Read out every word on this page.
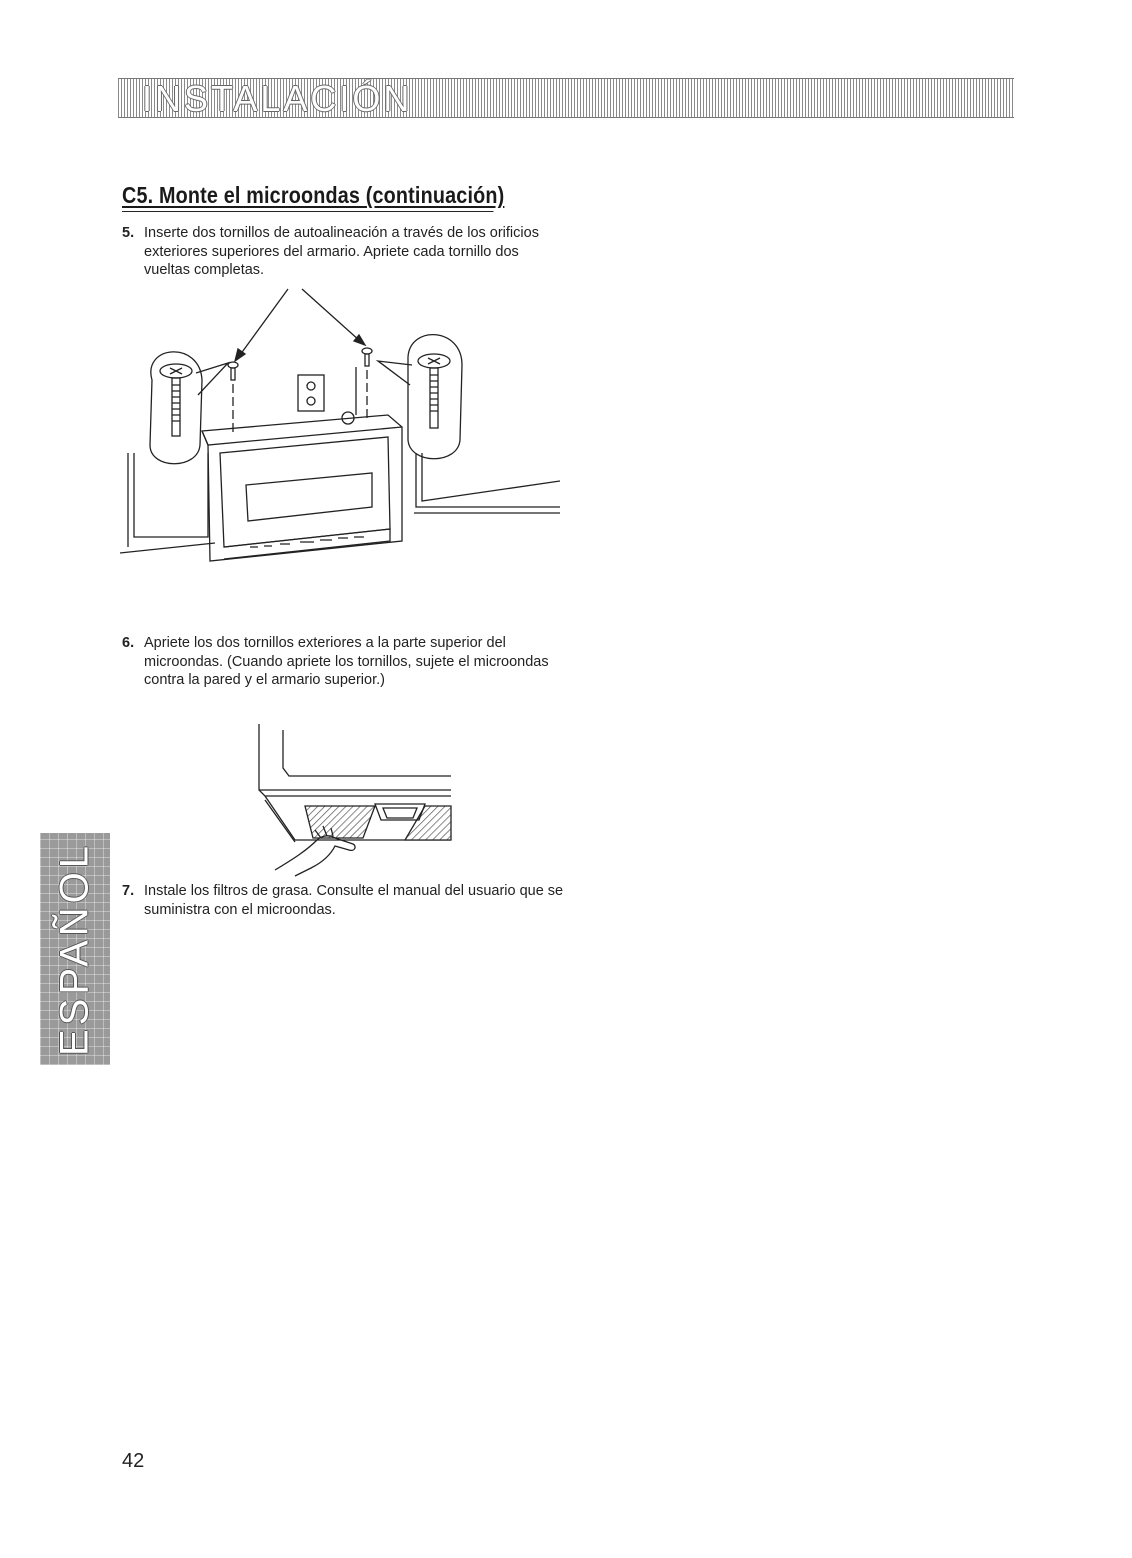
INSTALACIÓN
C5. Monte el microondas (continuación)
5. Inserte dos tornillos de autoalineación a través de los orificios exteriores superiores del armario. Apriete cada tornillo dos vueltas completas.
6. Apriete los dos tornillos exteriores a la parte superior del microondas. (Cuando apriete los tornillos, sujete el microondas contra la pared y el armario superior.)
7. Instale los filtros de grasa. Consulte el manual del usuario que se suministra con el microondas.
ESPAÑOL
42
